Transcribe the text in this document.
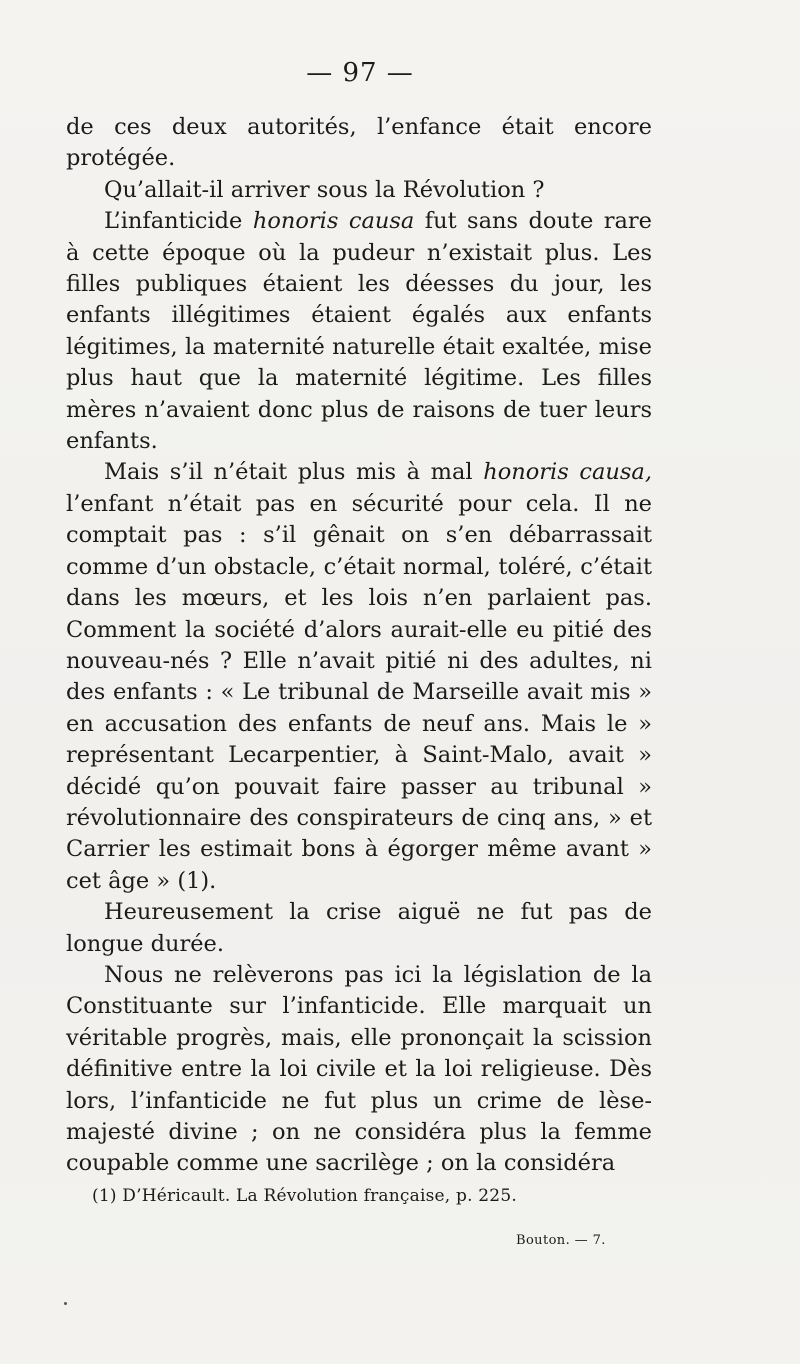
— 97 —

de ces deux autorités, l’enfance était encore protégée.

Qu’allait-il arriver sous la Révolution ?

L’infanticide honoris causa fut sans doute rare à cette époque où la pudeur n’existait plus. Les filles publiques étaient les déesses du jour, les enfants illégitimes étaient égalés aux enfants légitimes, la maternité naturelle était exaltée, mise plus haut que la maternité légitime. Les filles mères n’avaient donc plus de raisons de tuer leurs enfants.

Mais s’il n’était plus mis à mal honoris causa, l’enfant n’était pas en sécurité pour cela. Il ne comptait pas : s’il gênait on s’en débarrassait comme d’un obstacle, c’était normal, toléré, c’était dans les mœurs, et les lois n’en parlaient pas. Comment la société d’alors aurait-elle eu pitié des nouveau-nés ? Elle n’avait pitié ni des adultes, ni des enfants : « Le tribunal de Marseille avait mis » en accusation des enfants de neuf ans. Mais le » représentant Lecarpentier, à Saint-Malo, avait » décidé qu’on pouvait faire passer au tribunal » révolutionnaire des conspirateurs de cinq ans, » et Carrier les estimait bons à égorger même avant » cet âge » (1).

Heureusement la crise aiguë ne fut pas de longue durée.

Nous ne relèverons pas ici la législation de la Constituante sur l’infanticide. Elle marquait un véritable progrès, mais, elle prononçait la scission définitive entre la loi civile et la loi religieuse. Dès lors, l’infanticide ne fut plus un crime de lèse-majesté divine ; on ne considéra plus la femme coupable comme une sacrilège ; on la considéra

(1) D’Héricault. La Révolution française, p. 225.
Bouton. — 7.
